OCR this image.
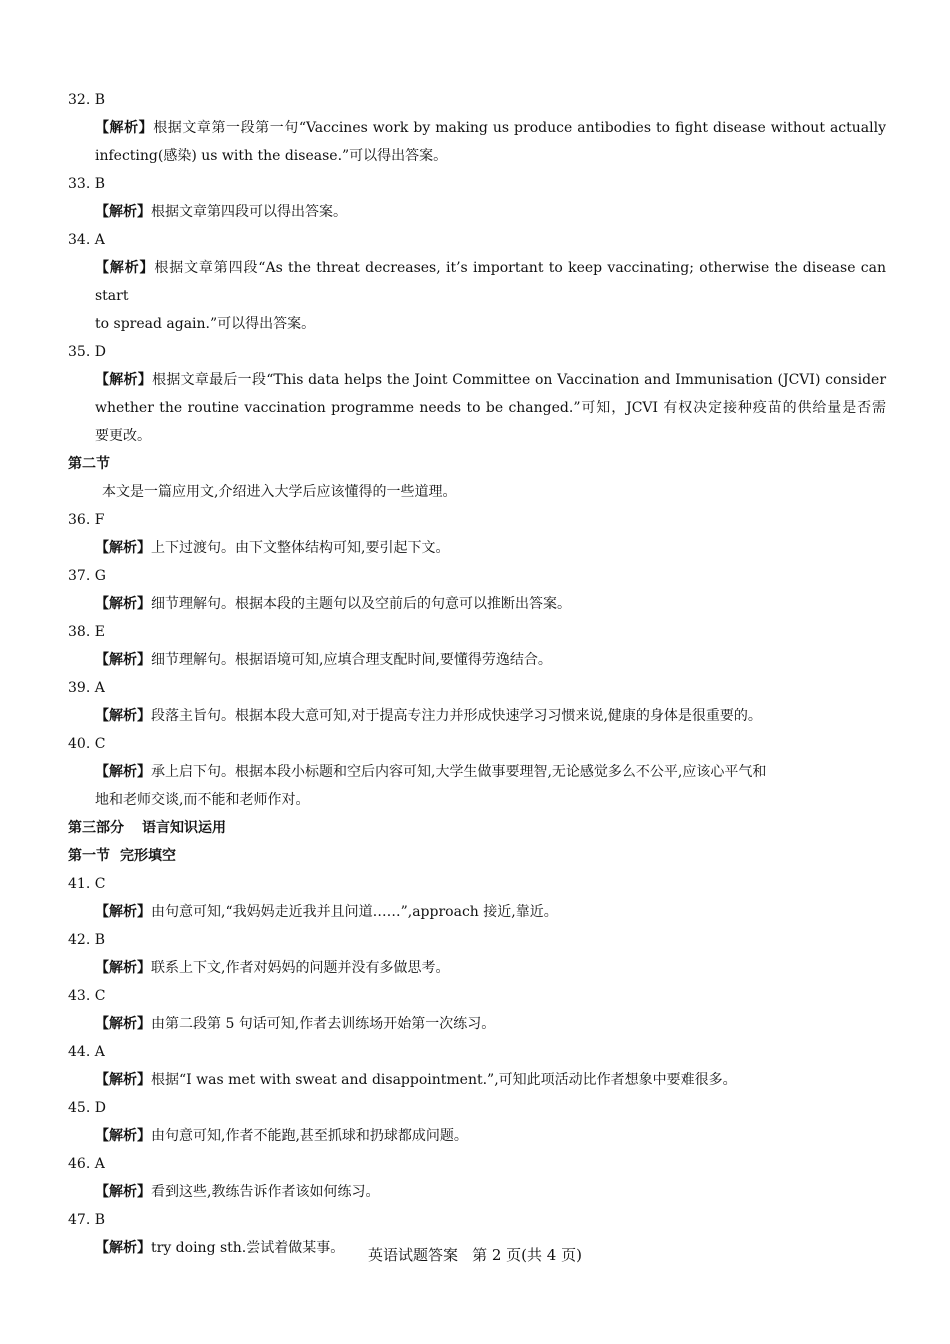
32. B
【解析】根据文章第一段第一句“Vaccines work by making us produce antibodies to fight disease without actually
infecting(感染) us with the disease.”可以得出答案。
33. B
【解析】根据文章第四段可以得出答案。
34. A
【解析】根据文章第四段“As the threat decreases, it’s important to keep vaccinating; otherwise the disease can start
to spread again.”可以得出答案。
35. D
【解析】根据文章最后一段“This data helps the Joint Committee on Vaccination and Immunisation (JCVI) consider
whether the routine vaccination programme needs to be changed.”可知，JCVI 有权决定接种疫苗的供给量是否需
要更改。
第二节
本文是一篇应用文,介绍进入大学后应该懂得的一些道理。
36. F
【解析】上下过渡句。由下文整体结构可知,要引起下文。
37. G
【解析】细节理解句。根据本段的主题句以及空前后的句意可以推断出答案。
38. E
【解析】细节理解句。根据语境可知,应填合理支配时间,要懂得劳逸结合。
39. A
【解析】段落主旨句。根据本段大意可知,对于提高专注力并形成快速学习习惯来说,健康的身体是很重要的。
40. C
【解析】承上启下句。根据本段小标题和空后内容可知,大学生做事要理智,无论感觉多么不公平,应该心平气和
地和老师交谈,而不能和老师作对。
第三部分 语言知识运用
第一节 完形填空
41. C
【解析】由句意可知,“我妈妈走近我并且问道……”,approach 接近,靠近。
42. B
【解析】联系上下文,作者对妈妈的问题并没有多做思考。
43. C
【解析】由第二段第 5 句话可知,作者去训练场开始第一次练习。
44. A
【解析】根据“I was met with sweat and disappointment.”,可知此项活动比作者想象中要难很多。
45. D
【解析】由句意可知,作者不能跑,甚至抓球和扔球都成问题。
46. A
【解析】看到这些,教练告诉作者该如何练习。
47. B
【解析】try doing sth.尝试着做某事。	英语试题答案 第 2 页(共 4 页)
